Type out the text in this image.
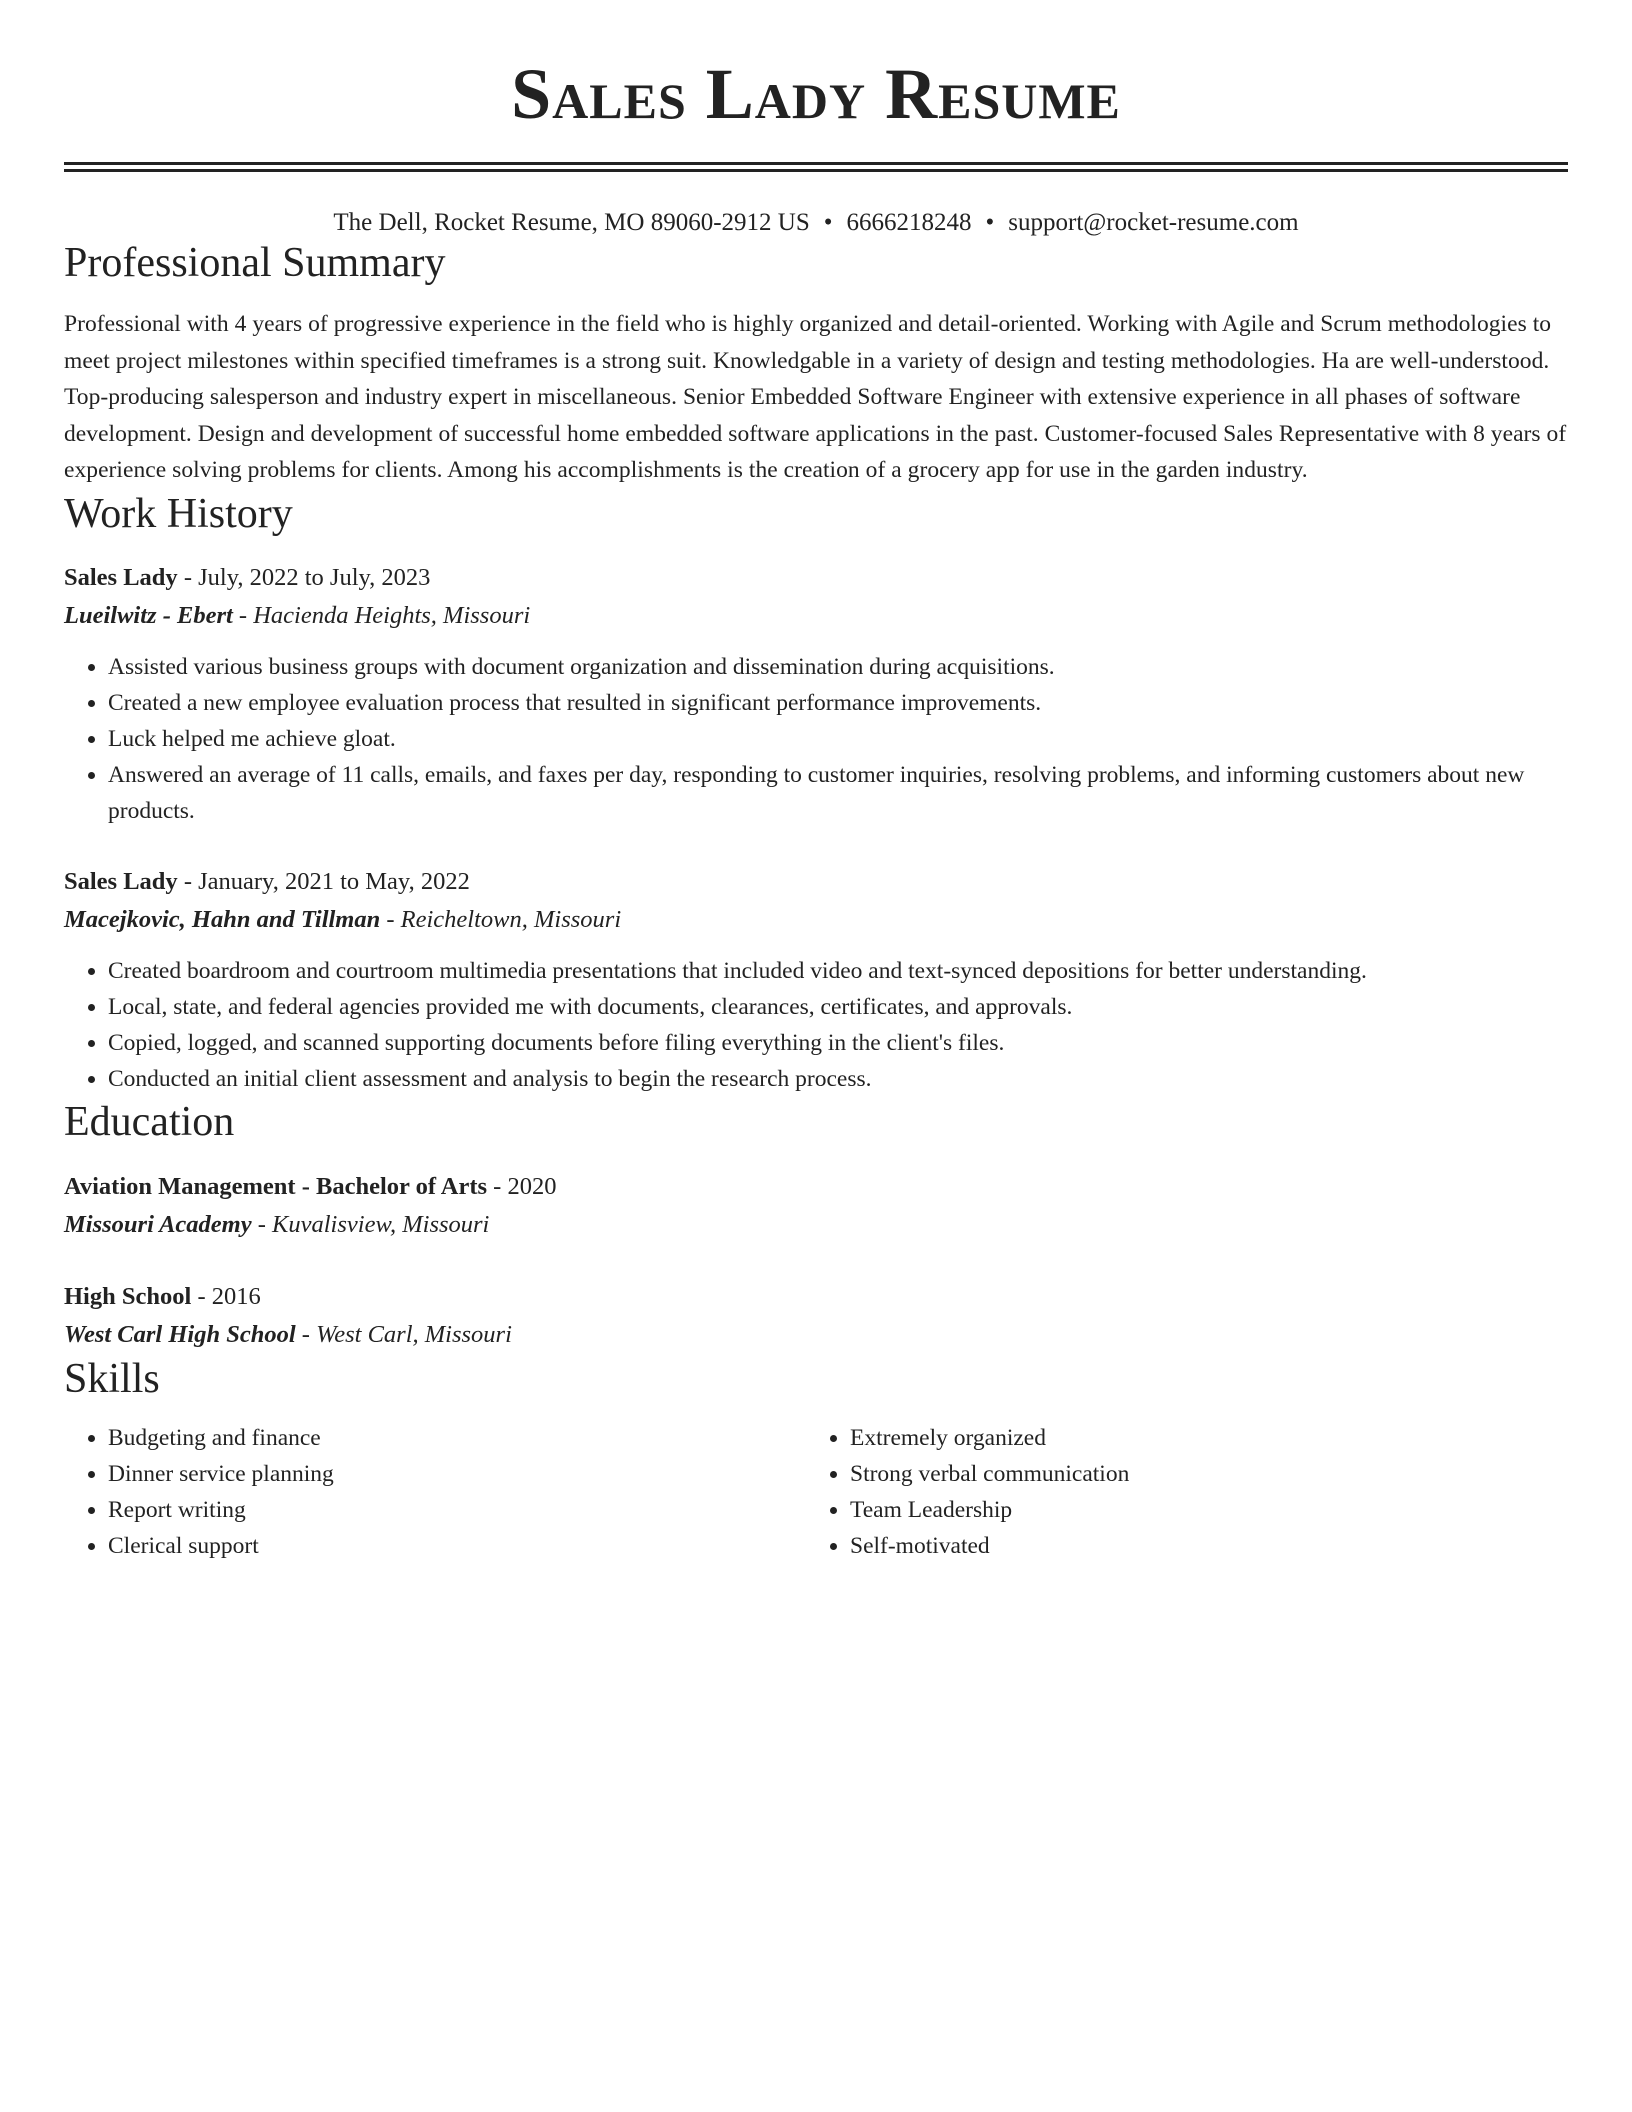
Sales Lady Resume
The Dell, Rocket Resume, MO 89060-2912 US • 6666218248 • support@rocket-resume.com
Professional Summary
Professional with 4 years of progressive experience in the field who is highly organized and detail-oriented. Working with Agile and Scrum methodologies to meet project milestones within specified timeframes is a strong suit. Knowledgable in a variety of design and testing methodologies. Ha are well-understood. Top-producing salesperson and industry expert in miscellaneous. Senior Embedded Software Engineer with extensive experience in all phases of software development. Design and development of successful home embedded software applications in the past. Customer-focused Sales Representative with 8 years of experience solving problems for clients. Among his accomplishments is the creation of a grocery app for use in the garden industry.
Work History
Sales Lady - July, 2022 to July, 2023
Lueilwitz - Ebert - Hacienda Heights, Missouri
• Assisted various business groups with document organization and dissemination during acquisitions.
• Created a new employee evaluation process that resulted in significant performance improvements.
• Luck helped me achieve gloat.
• Answered an average of 11 calls, emails, and faxes per day, responding to customer inquiries, resolving problems, and informing customers about new products.
Sales Lady - January, 2021 to May, 2022
Macejkovic, Hahn and Tillman - Reicheltown, Missouri
• Created boardroom and courtroom multimedia presentations that included video and text-synced depositions for better understanding.
• Local, state, and federal agencies provided me with documents, clearances, certificates, and approvals.
• Copied, logged, and scanned supporting documents before filing everything in the client's files.
• Conducted an initial client assessment and analysis to begin the research process.
Education
Aviation Management - Bachelor of Arts - 2020
Missouri Academy - Kuvalisview, Missouri
High School - 2016
West Carl High School - West Carl, Missouri
Skills
• Budgeting and finance
• Dinner service planning
• Report writing
• Clerical support
• Extremely organized
• Strong verbal communication
• Team Leadership
• Self-motivated
